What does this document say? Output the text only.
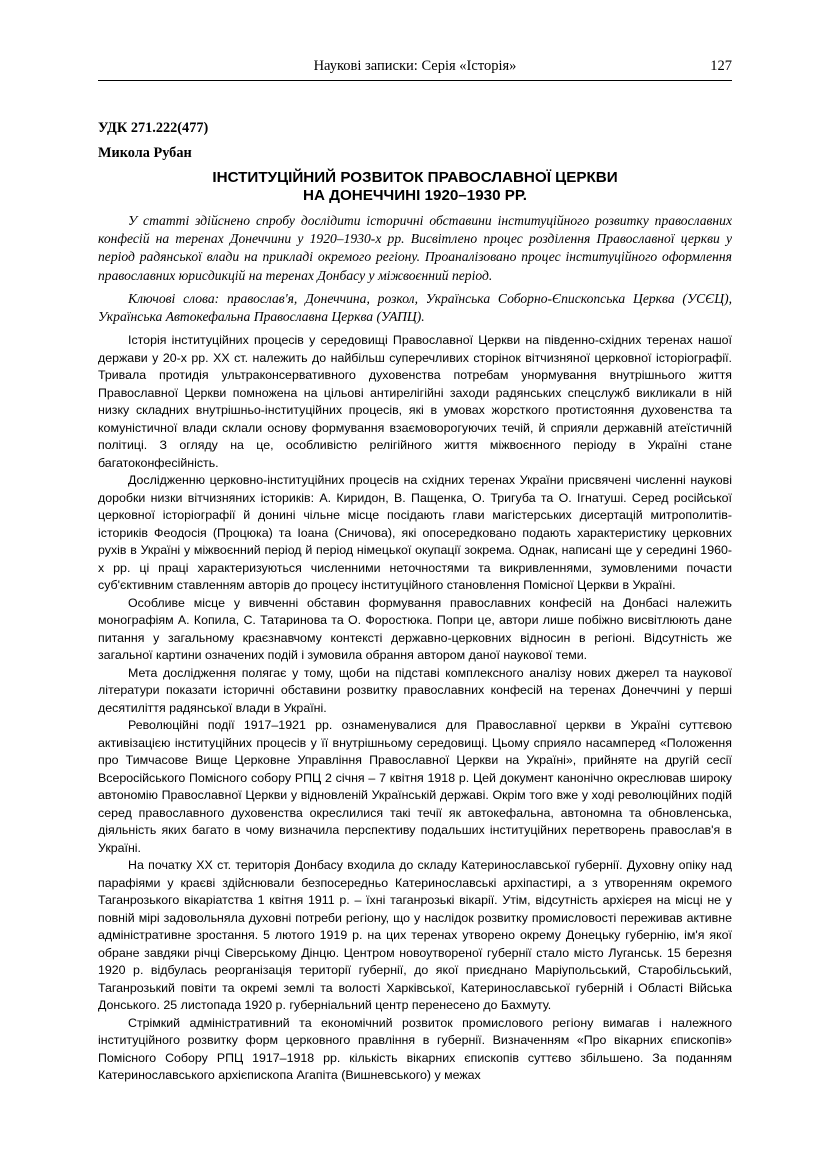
Наукові записки: Серія «Історія»	127
УДК 271.222(477)
Микола Рубан
ІНСТИТУЦІЙНИЙ РОЗВИТОК ПРАВОСЛАВНОЇ ЦЕРКВИ
НА ДОНЕЧЧИНІ 1920–1930 РР.
У статті здійснено спробу дослідити історичні обставини інституційного розвитку православних конфесій на теренах Донеччини у 1920–1930-х рр. Висвітлено процес розділення Православної церкви у період радянської влади на прикладі окремого регіону. Проаналізовано процес інституційного оформлення православних юрисдикцій на теренах Донбасу у міжвоєнний період.
Ключові слова: православ'я, Донеччина, розкол, Українська Соборно-Єпископська Церква (УСЄЦ), Українська Автокефальна Православна Церква (УАПЦ).

Історія інституційних процесів у середовищі Православної Церкви на південно-східних теренах нашої держави у 20-х рр. ХХ ст. належить до найбільш суперечливих сторінок вітчизняної церковної історіографії. Тривала протидія ультраконсервативного духовенства потребам унормування внутрішнього життя Православної Церкви помножена на цільові антирелігійні заходи радянських спецслужб викликали в ній низку складних внутрішньо-інституційних процесів, які в умовах жорсткого протистояння духовенства та комуністичної влади склали основу формування взаємоворогуючих течій, й сприяли державній атеїстичній політиці. З огляду на це, особливістю релігійного життя міжвоєнного періоду в Україні стане багатоконфесійність.

Дослідженню церковно-інституційних процесів на східних теренах України присвячені численні наукові доробки низки вітчизняних істориків: А. Киридон, В. Пащенка, О. Тригуба та О. Ігнатуші. Серед російської церковної історіографії й донині чільне місце посідають глави магістерських дисертацій митрополитів-істориків Феодосія (Процюка) та Іоана (Сничова), які опосередковано подають характеристику церковних рухів в Україні у міжвоєнний період й період німецької окупації зокрема. Однак, написані ще у середині 1960-х рр. ці праці характеризуються численними неточностями та викривленнями, зумовленими почасти суб'єктивним ставленням авторів до процесу інституційного становлення Помісної Церкви в Україні.

Особливе місце у вивченні обставин формування православних конфесій на Донбасі належить монографіям А. Копила, С. Татаринова та О. Форостюка. Попри це, автори лише побіжно висвітлюють дане питання у загальному краєзнавчому контексті державно-церковних відносин в регіоні. Відсутність же загальної картини означених подій і зумовила обрання автором даної наукової теми.

Мета дослідження полягає у тому, щоби на підставі комплексного аналізу нових джерел та наукової літератури показати історичні обставини розвитку православних конфесій на теренах Донеччині у перші десятиліття радянської влади в Україні.

Революційні події 1917–1921 рр. ознаменувалися для Православної церкви в Україні суттєвою активізацією інституційних процесів у її внутрішньому середовищі. Цьому сприяло насамперед «Положення про Тимчасове Вище Церковне Управління Православної Церкви на Україні», прийняте на другій сесії Всеросійського Помісного собору РПЦ 2 січня – 7 квітня 1918 р. Цей документ канонічно окреслював широку автономію Православної Церкви у відновленій Українській державі. Окрім того вже у ході революційних подій серед православного духовенства окреслилися такі течії як автокефальна, автономна та обновленська, діяльність яких багато в чому визначила перспективу подальших інституційних перетворень православ'я в Україні.

На початку ХХ ст. територія Донбасу входила до складу Катеринославської губернії. Духовну опіку над парафіями у краєві здійснювали безпосередньо Катеринославські архіпастирі, а з утворенням окремого Таганрозького вікаріатства 1 квітня 1911 р. – їхні таганрозькі вікарії. Утім, відсутність архієрея на місці не у повній мірі задовольняла духовні потреби регіону, що у наслідок розвитку промисловості переживав активне адміністративне зростання. 5 лютого 1919 р. на цих теренах утворено окрему Донецьку губернію, ім'я якої обране завдяки річці Сіверському Дінцю. Центром новоутвореної губернії стало місто Луганськ. 15 березня 1920 р. відбулась реорганізація території губернії, до якої приєднано Маріупольський, Старобільський, Таганрозький повіти та окремі землі та волості Харківської, Катеринославської губерній і Області Війська Донського. 25 листопада 1920 р. губерніальний центр перенесено до Бахмуту.

Стрімкий адміністративний та економічний розвиток промислового регіону вимагав і належного інституційного розвитку форм церковного правління в губернії. Визначенням «Про вікарних єпископів» Помісного Собору РПЦ 1917–1918 рр. кількість вікарних єпископів суттєво збільшено. За поданням Катеринославського архієпископа Агапіта (Вишневського) у межах
